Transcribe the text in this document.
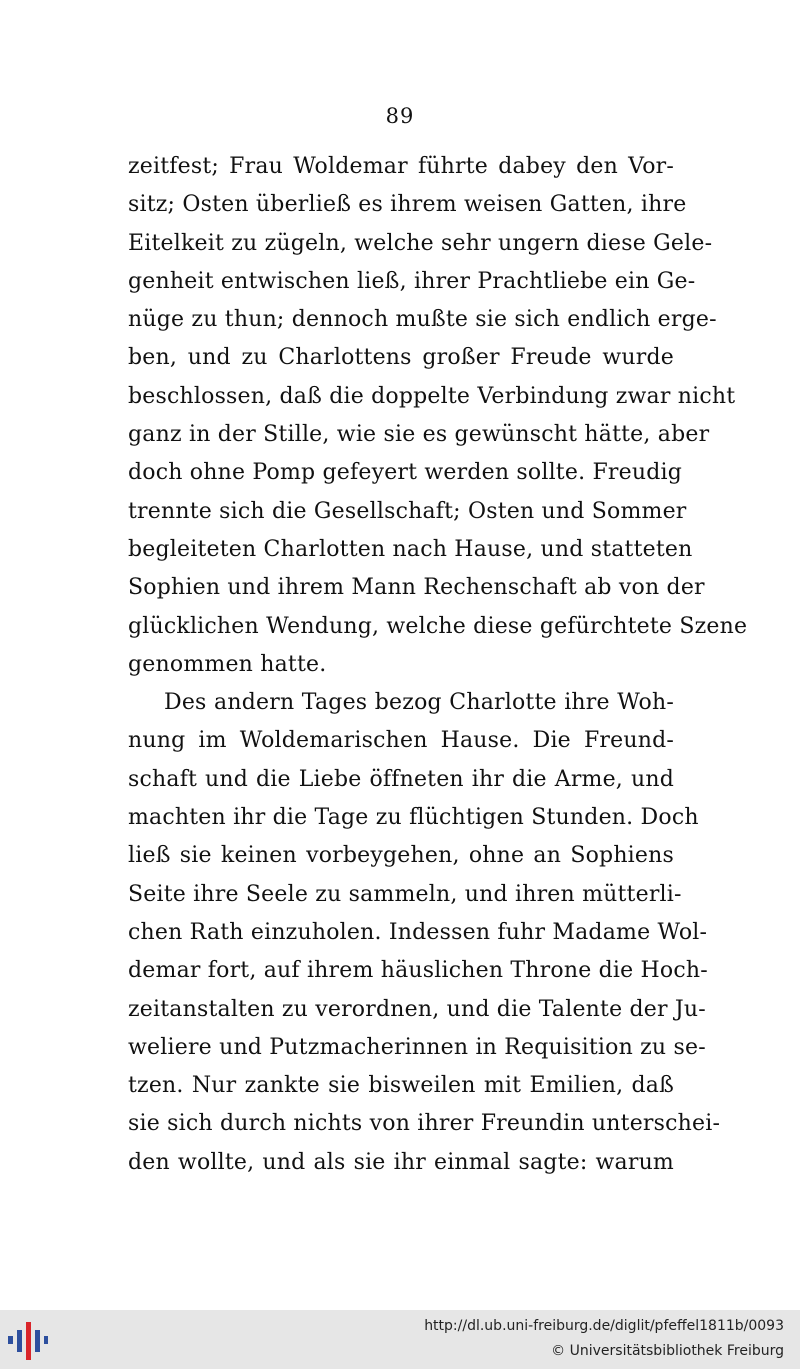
89
zeitfest; Frau Woldemar führte dabey den Vor-
sitz; Osten überließ es ihrem weisen Gatten, ihre
Eitelkeit zu zügeln, welche sehr ungern diese Gele-
genheit entwischen ließ, ihrer Prachtliebe ein Ge-
nüge zu thun; dennoch mußte sie sich endlich erge-
ben, und zu Charlottens großer Freude wurde
beschlossen, daß die doppelte Verbindung zwar nicht
ganz in der Stille, wie sie es gewünscht hätte, aber
doch ohne Pomp gefeyert werden sollte. Freudig
trennte sich die Gesellschaft; Osten und Sommer
begleiteten Charlotten nach Hause, und statteten
Sophien und ihrem Mann Rechenschaft ab von der
glücklichen Wendung, welche diese gefürchtete Szene
genommen hatte.
Des andern Tages bezog Charlotte ihre Woh-
nung im Woldemarischen Hause. Die Freund-
schaft und die Liebe öffneten ihr die Arme, und
machten ihr die Tage zu flüchtigen Stunden. Doch
ließ sie keinen vorbeygehen, ohne an Sophiens
Seite ihre Seele zu sammeln, und ihren mütterli-
chen Rath einzuholen. Indessen fuhr Madame Wol-
demar fort, auf ihrem häuslichen Throne die Hoch-
zeitanstalten zu verordnen, und die Talente der Ju-
weliere und Putzmacherinnen in Requisition zu se-
tzen. Nur zankte sie bisweilen mit Emilien, daß
sie sich durch nichts von ihrer Freundin unterschei-
den wollte, und als sie ihr einmal sagte: warum
http://dl.ub.uni-freiburg.de/diglit/pfeffel1811b/0093
© Universitätsbibliothek Freiburg
